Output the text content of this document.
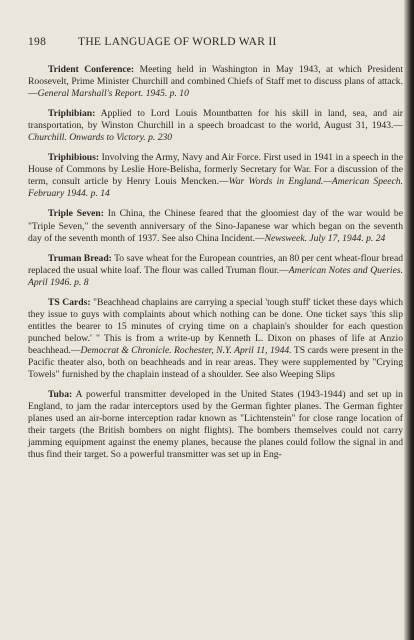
198	THE LANGUAGE OF WORLD WAR II

Trident Conference: Meeting held in Washington in May 1943, at which President Roosevelt, Prime Minister Churchill and combined Chiefs of Staff met to discuss plans of attack.—General Marshall's Report. 1945. p. 10

Triphibian: Applied to Lord Louis Mountbatten for his skill in land, sea, and air transportation, by Winston Churchill in a speech broadcast to the world, August 31, 1943.—Churchill. Onwards to Victory. p. 230

Triphibious: Involving the Army, Navy and Air Force. First used in 1941 in a speech in the House of Commons by Leslie Hore-Belisha, formerly Secretary for War. For a discussion of the term, consult article by Henry Louis Mencken.—War Words in England.—American Speech. February 1944. p. 14

Triple Seven: In China, the Chinese feared that the gloomiest day of the war would be "Triple Seven," the seventh anniversary of the Sino-Japanese war which began on the seventh day of the seventh month of 1937. See also China Incident.—Newsweek. July 17, 1944. p. 24

Truman Bread: To save wheat for the European countries, an 80 per cent wheat-flour bread replaced the usual white loaf. The flour was called Truman flour.—American Notes and Queries. April 1946. p. 8

TS Cards: "Beachhead chaplains are carrying a special 'tough stuff' ticket these days which they issue to guys with complaints about which nothing can be done. One ticket says 'this slip entitles the bearer to 15 minutes of crying time on a chaplain's shoulder for each question punched below.' " This is from a write-up by Kenneth L. Dixon on phases of life at Anzio beachhead.—Democrat & Chronicle. Rochester, N.Y. April 11, 1944. TS cards were present in the Pacific theater also, both on beachheads and in rear areas. They were supplemented by "Crying Towels" furnished by the chaplain instead of a shoulder. See also Weeping Slips

Tuba: A powerful transmitter developed in the United States (1943-1944) and set up in England, to jam the radar interceptors used by the German fighter planes. The German fighter planes used an air-borne interception radar known as "Lichtenstein" for close range location of their targets (the British bombers on night flights). The bombers themselves could not carry jamming equipment against the enemy planes, because the planes could follow the signal in and thus find their target. So a powerful transmitter was set up in Eng-
